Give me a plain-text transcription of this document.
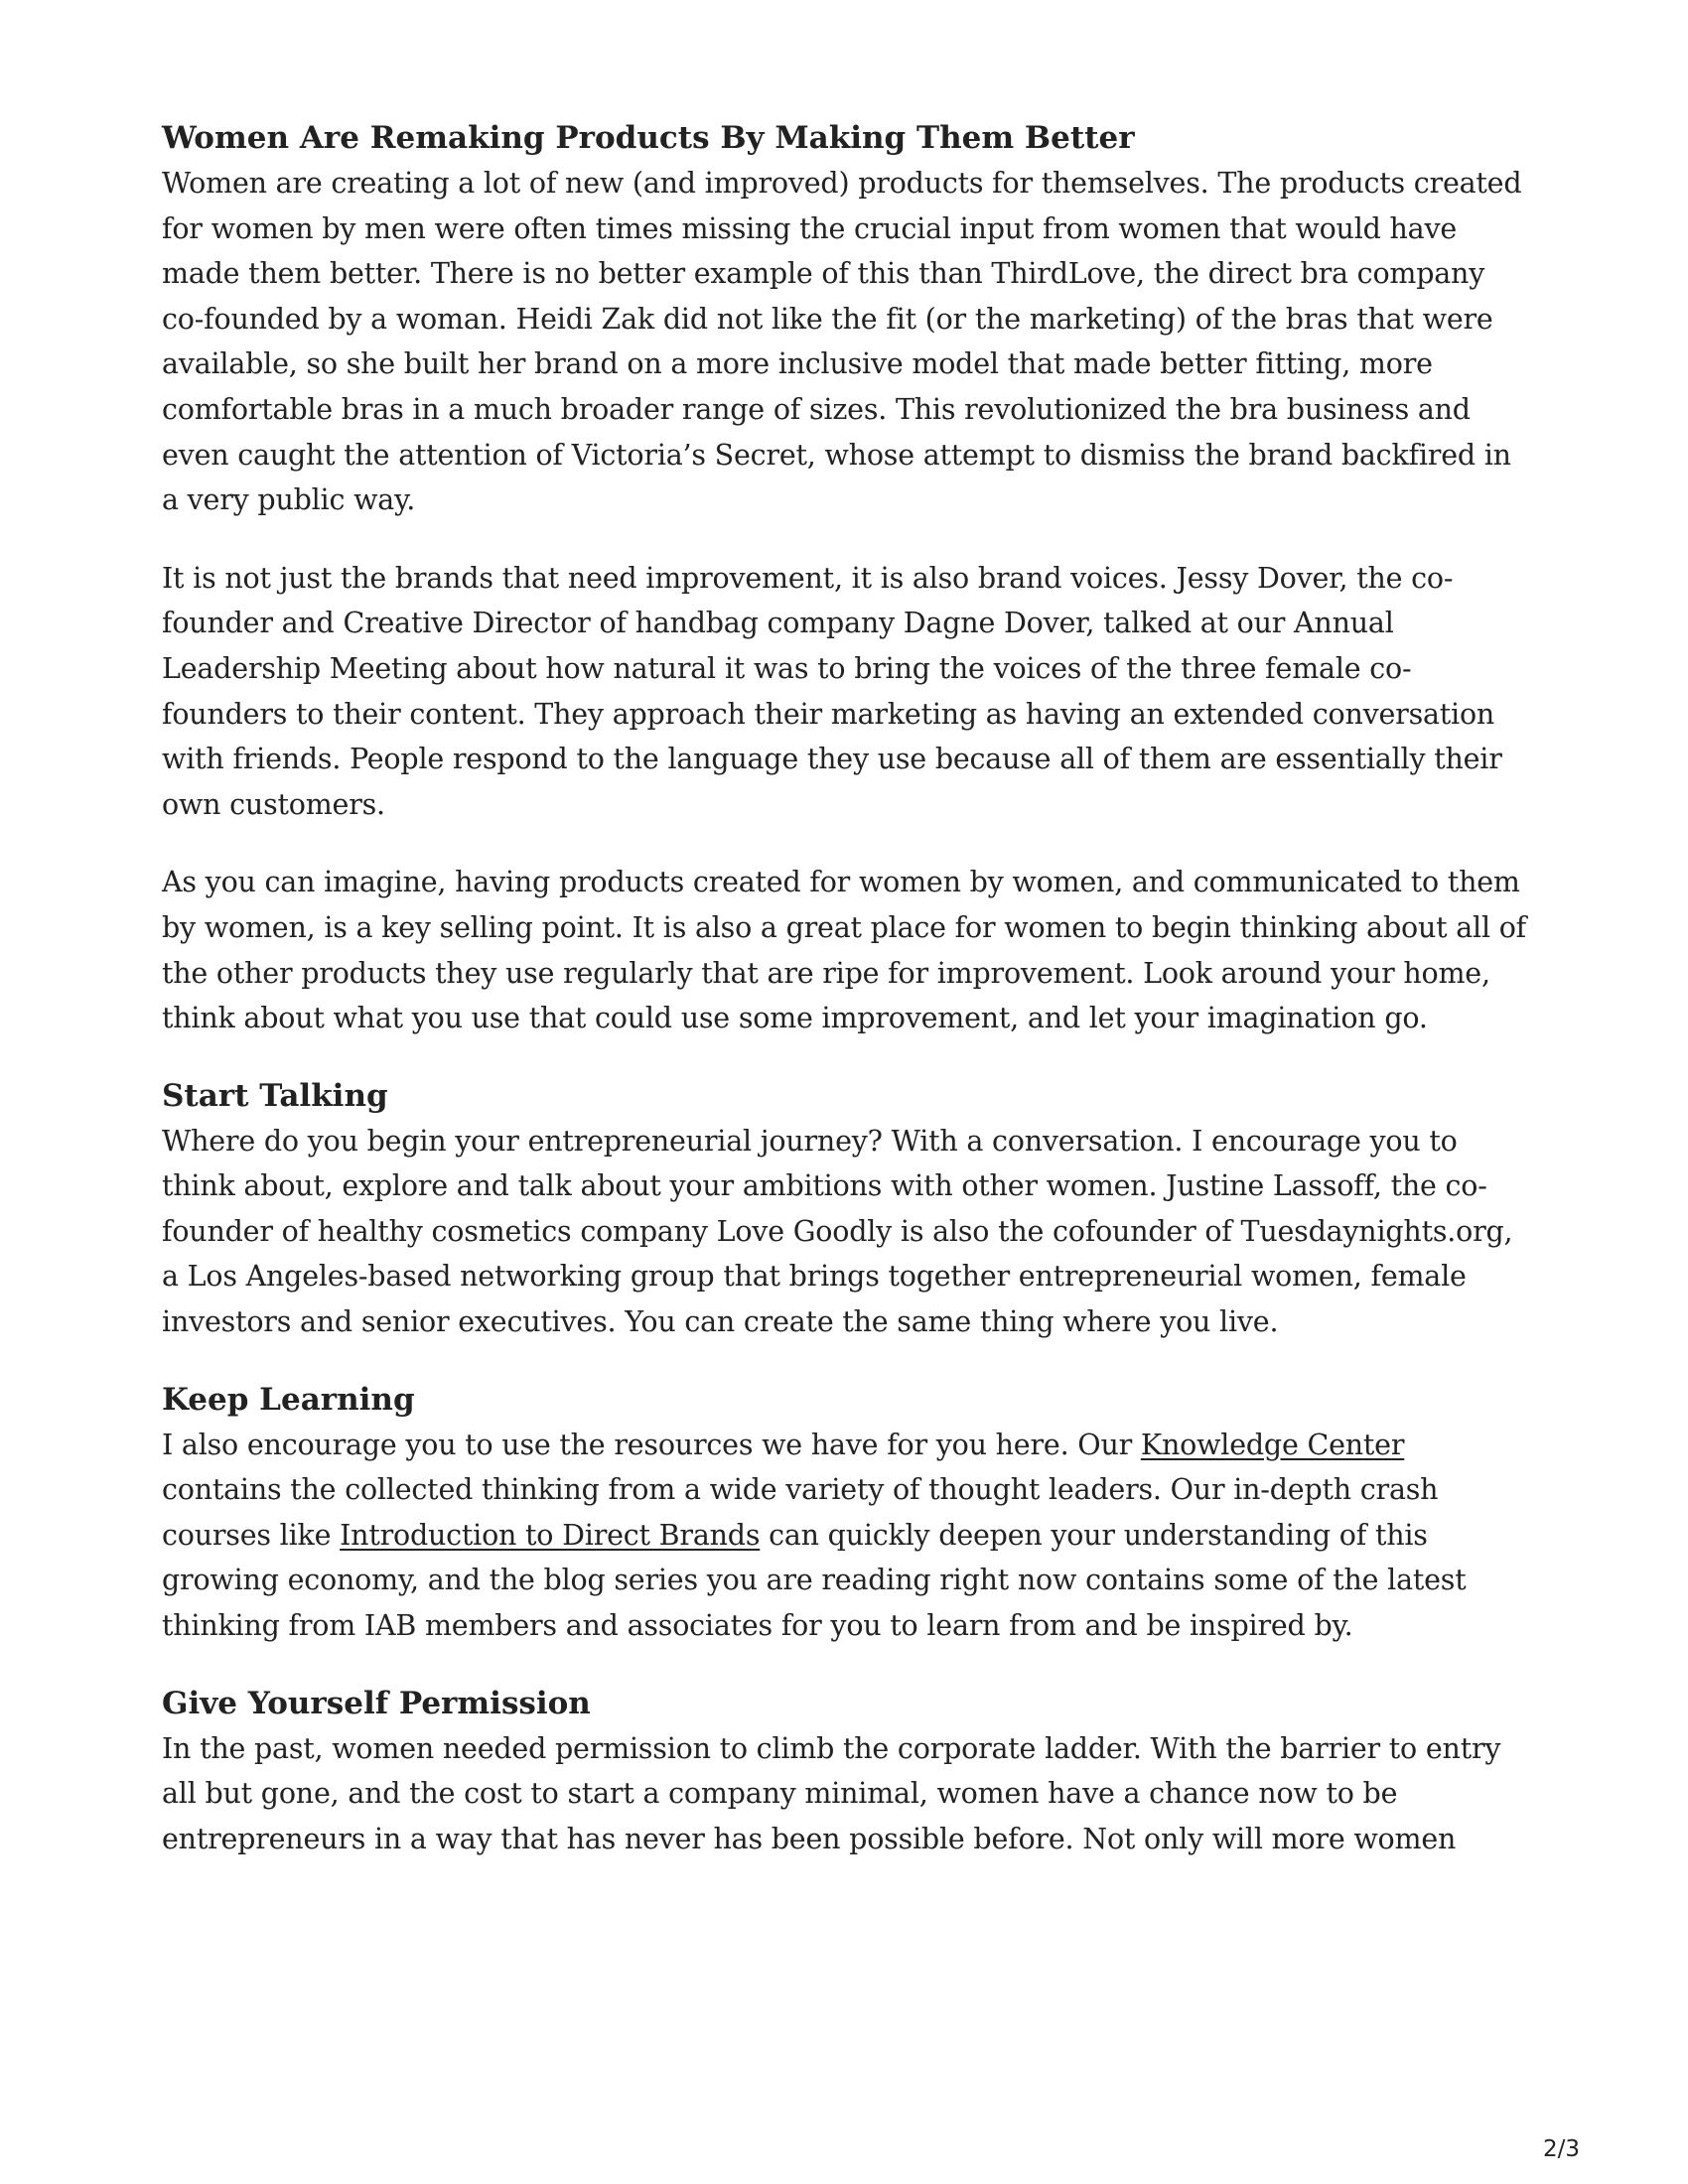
Women Are Remaking Products By Making Them Better

Women are creating a lot of new (and improved) products for themselves. The products created for women by men were often times missing the crucial input from women that would have made them better. There is no better example of this than ThirdLove, the direct bra company co-founded by a woman. Heidi Zak did not like the fit (or the marketing) of the bras that were available, so she built her brand on a more inclusive model that made better fitting, more comfortable bras in a much broader range of sizes. This revolutionized the bra business and even caught the attention of Victoria’s Secret, whose attempt to dismiss the brand backfired in a very public way.

It is not just the brands that need improvement, it is also brand voices. Jessy Dover, the co-founder and Creative Director of handbag company Dagne Dover, talked at our Annual Leadership Meeting about how natural it was to bring the voices of the three female co-founders to their content. They approach their marketing as having an extended conversation with friends. People respond to the language they use because all of them are essentially their own customers.

As you can imagine, having products created for women by women, and communicated to them by women, is a key selling point. It is also a great place for women to begin thinking about all of the other products they use regularly that are ripe for improvement. Look around your home, think about what you use that could use some improvement, and let your imagination go.

Start Talking

Where do you begin your entrepreneurial journey? With a conversation. I encourage you to think about, explore and talk about your ambitions with other women. Justine Lassoff, the co-founder of healthy cosmetics company Love Goodly is also the cofounder of Tuesdaynights.org, a Los Angeles-based networking group that brings together entrepreneurial women, female investors and senior executives. You can create the same thing where you live.

Keep Learning

I also encourage you to use the resources we have for you here. Our Knowledge Center contains the collected thinking from a wide variety of thought leaders. Our in-depth crash courses like Introduction to Direct Brands can quickly deepen your understanding of this growing economy, and the blog series you are reading right now contains some of the latest thinking from IAB members and associates for you to learn from and be inspired by.

Give Yourself Permission

In the past, women needed permission to climb the corporate ladder. With the barrier to entry all but gone, and the cost to start a company minimal, women have a chance now to be entrepreneurs in a way that has never has been possible before. Not only will more women

2/3
